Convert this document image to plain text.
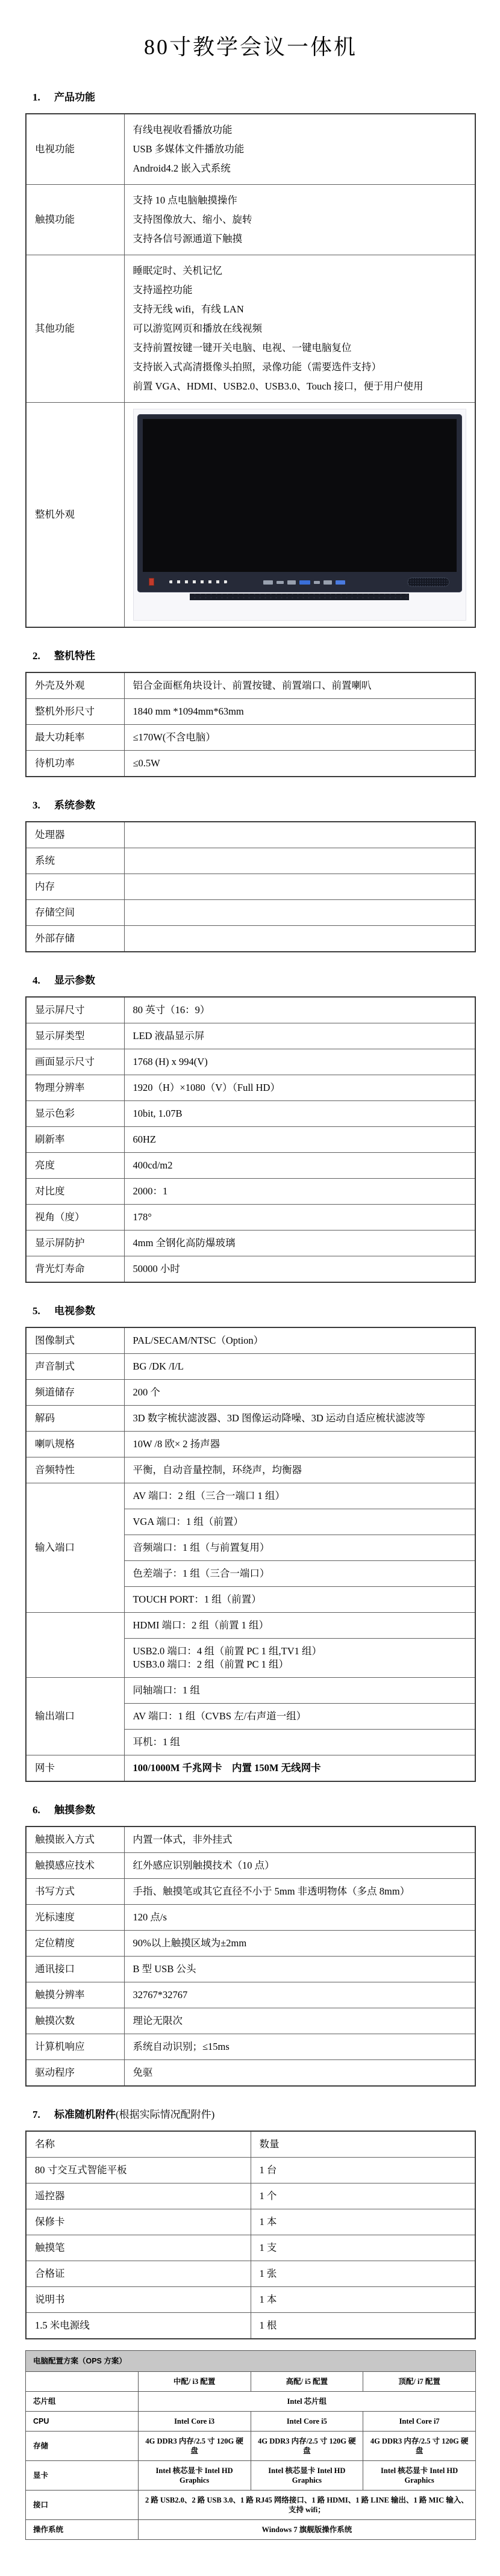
80寸教学会议一体机
1.	产品功能
电视功能	有线电视收看播放功能
USB 多媒体文件播放功能
Android4.2 嵌入式系统

触摸功能	支持 10 点电脑触摸操作
支持图像放大、缩小、旋转
支持各信号源通道下触摸

其他功能	
睡眠定时、关机记忆
支持遥控功能
支持无线 wifi，有线 LAN
可以游览网页和播放在线视频
支持前置按键一键开关电脑、电视、一键电脑复位
支持嵌入式高清摄像头拍照，录像功能（需要选件支持）
前置 VGA、HDMI、USB2.0、USB3.0、Touch 接口，便于用户使用

整机外观	
2.	整机特性
外壳及外观	铝合金面框角块设计、前置按键、前置端口、前置喇叭
整机外形尺寸	1840 mm *1094mm*63mm
最大功耗率	≤170W(不含电脑）
待机功率	≤0.5W
3.	系统参数
处理器	
系统	
内存	
存储空间	
外部存储	
4.	显示参数
显示屏尺寸	80 英寸（16：9）
显示屏类型	LED 液晶显示屏
画面显示尺寸	1768 (H) x 994(V)
物理分辨率	1920（H）×1080（V）（Full HD）
显示色彩	10bit, 1.07B
刷新率	60HZ
亮度	400cd/m2
对比度	2000：1
视角（度）	178°
显示屏防护	4mm 全钢化高防爆玻璃
背光灯寿命	50000 小时
5.	电视参数
图像制式	PAL/SECAM/NTSC（Option）
声音制式	BG /DK /I/L
频道储存	200 个
解码	3D 数字梳状滤波器、3D 图像运动降噪、3D 运动自适应梳状滤波等
喇叭规格	10W /8 欧× 2 扬声器
音频特性	平衡，自动音量控制，环绕声，均衡器
输入端口	AV 端口：2 组（三合一端口 1 组）
	VGA 端口：1 组（前置）
	音频端口：1 组（与前置复用）
	色差端子：1 组（三合一端口）
	TOUCH PORT：1 组（前置）
	HDMI 端口：2 组（前置 1 组）

	USB2.0 端口：4 组（前置 PC 1 组,TV1 组）
USB3.0 端口：2 组（前置 PC 1 组）

输出端口	同轴端口：1 组
	AV 端口：1 组（CVBS 左/右声道一组）
	耳机：1 组
网卡	100/1000M 千兆网卡　内置 150M 无线网卡
6.	触摸参数
触摸嵌入方式	内置一体式，非外挂式
触摸感应技术	红外感应识别触摸技术（10 点）
书写方式	手指、触摸笔或其它直径不小于 5mm 非透明物体（多点 8mm）
光标速度	120 点/s
定位精度	90%以上触摸区域为±2mm
通讯接口	B 型 USB 公头
触摸分辨率	32767*32767
触摸次数	理论无限次
计算机响应	系统自动识别；≤15ms
驱动程序	免驱
7.	标准随机附件 (根据实际情况配附件)
名称	数量
80 寸交互式智能平板	1 台
遥控器	1 个
保修卡	1 本
触摸笔	1 支
合格证	1 张
说明书	1 本
1.5 米电源线	1 根
电脑配置方案（OPS 方案）			
	中配/ i3 配置	高配/ i5 配置	顶配/ i7 配置
芯片组	Intel 芯片组		
CPU	Intel Core i3	Intel Core i5	Intel Core i7
存储	4G DDR3 内存/2.5 寸 120G 硬盘	4G DDR3 内存/2.5 寸 120G 硬盘	4G DDR3 内存/2.5 寸 120G 硬盘
显卡	Intel 核芯显卡 Intel HD Graphics	Intel 核芯显卡 Intel HD Graphics	Intel 核芯显卡 Intel HD Graphics
接口	2 路 USB2.0、2 路 USB 3.0、1 路 RJ45 网络接口、1 路 HDMI、1 路 LINE 输出、1 路 MIC 输入、支持 wifi；		
操作系统	Windows 7 旗舰版操作系统		
